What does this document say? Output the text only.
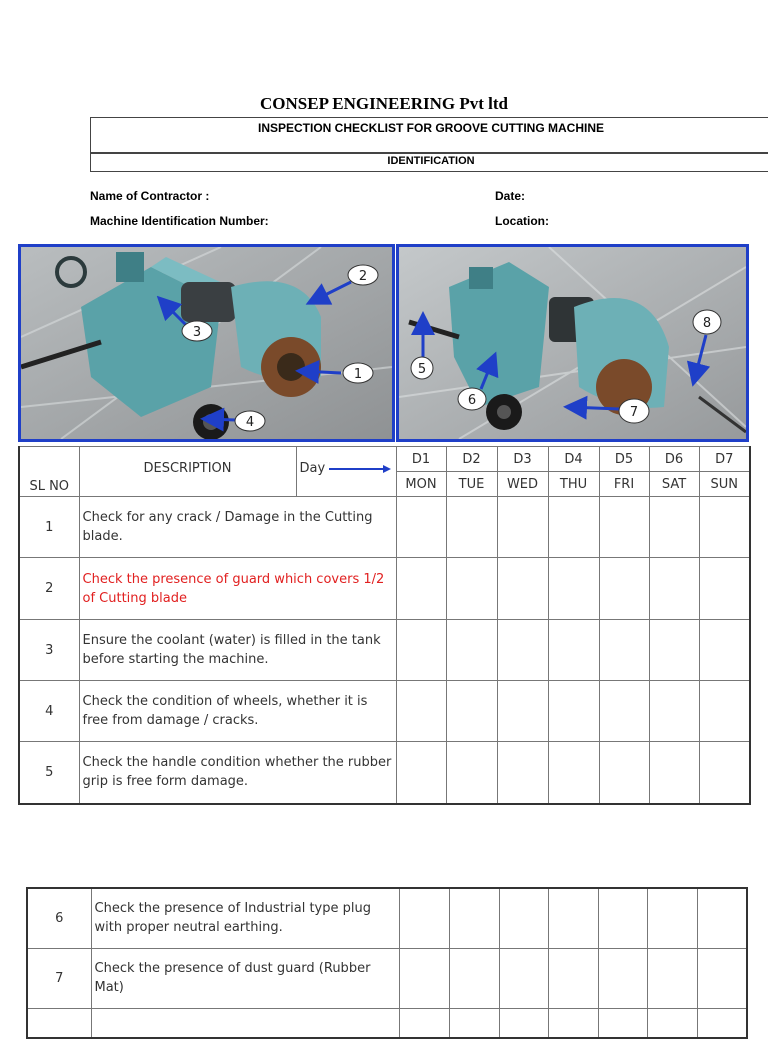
CONSEP ENGINEERING Pvt ltd
INSPECTION CHECKLIST FOR GROOVE CUTTING MACHINE
IDENTIFICATION
Name of Contractor :	Date:
Machine Identification Number:	Location:
1
2
3
4
5
6
7
8
SL NO	DESCRIPTION	Day	D1	D2	D3	D4	D5	D6	D7
			MON	TUE	WED	THU	FRI	SAT	SUN
1	Check for any crack / Damage in the Cutting blade.								
2	Check the presence of guard which covers 1/2 of Cutting blade								
3	Ensure the coolant (water) is filled in the tank before starting the machine.								
4	Check the condition of wheels, whether it is free from damage / cracks.								
5	Check the handle condition whether the rubber grip is free form damage.								
6	Check the presence of Industrial type plug with proper neutral earthing.							
7	Check the presence of dust guard (Rubber Mat)							
